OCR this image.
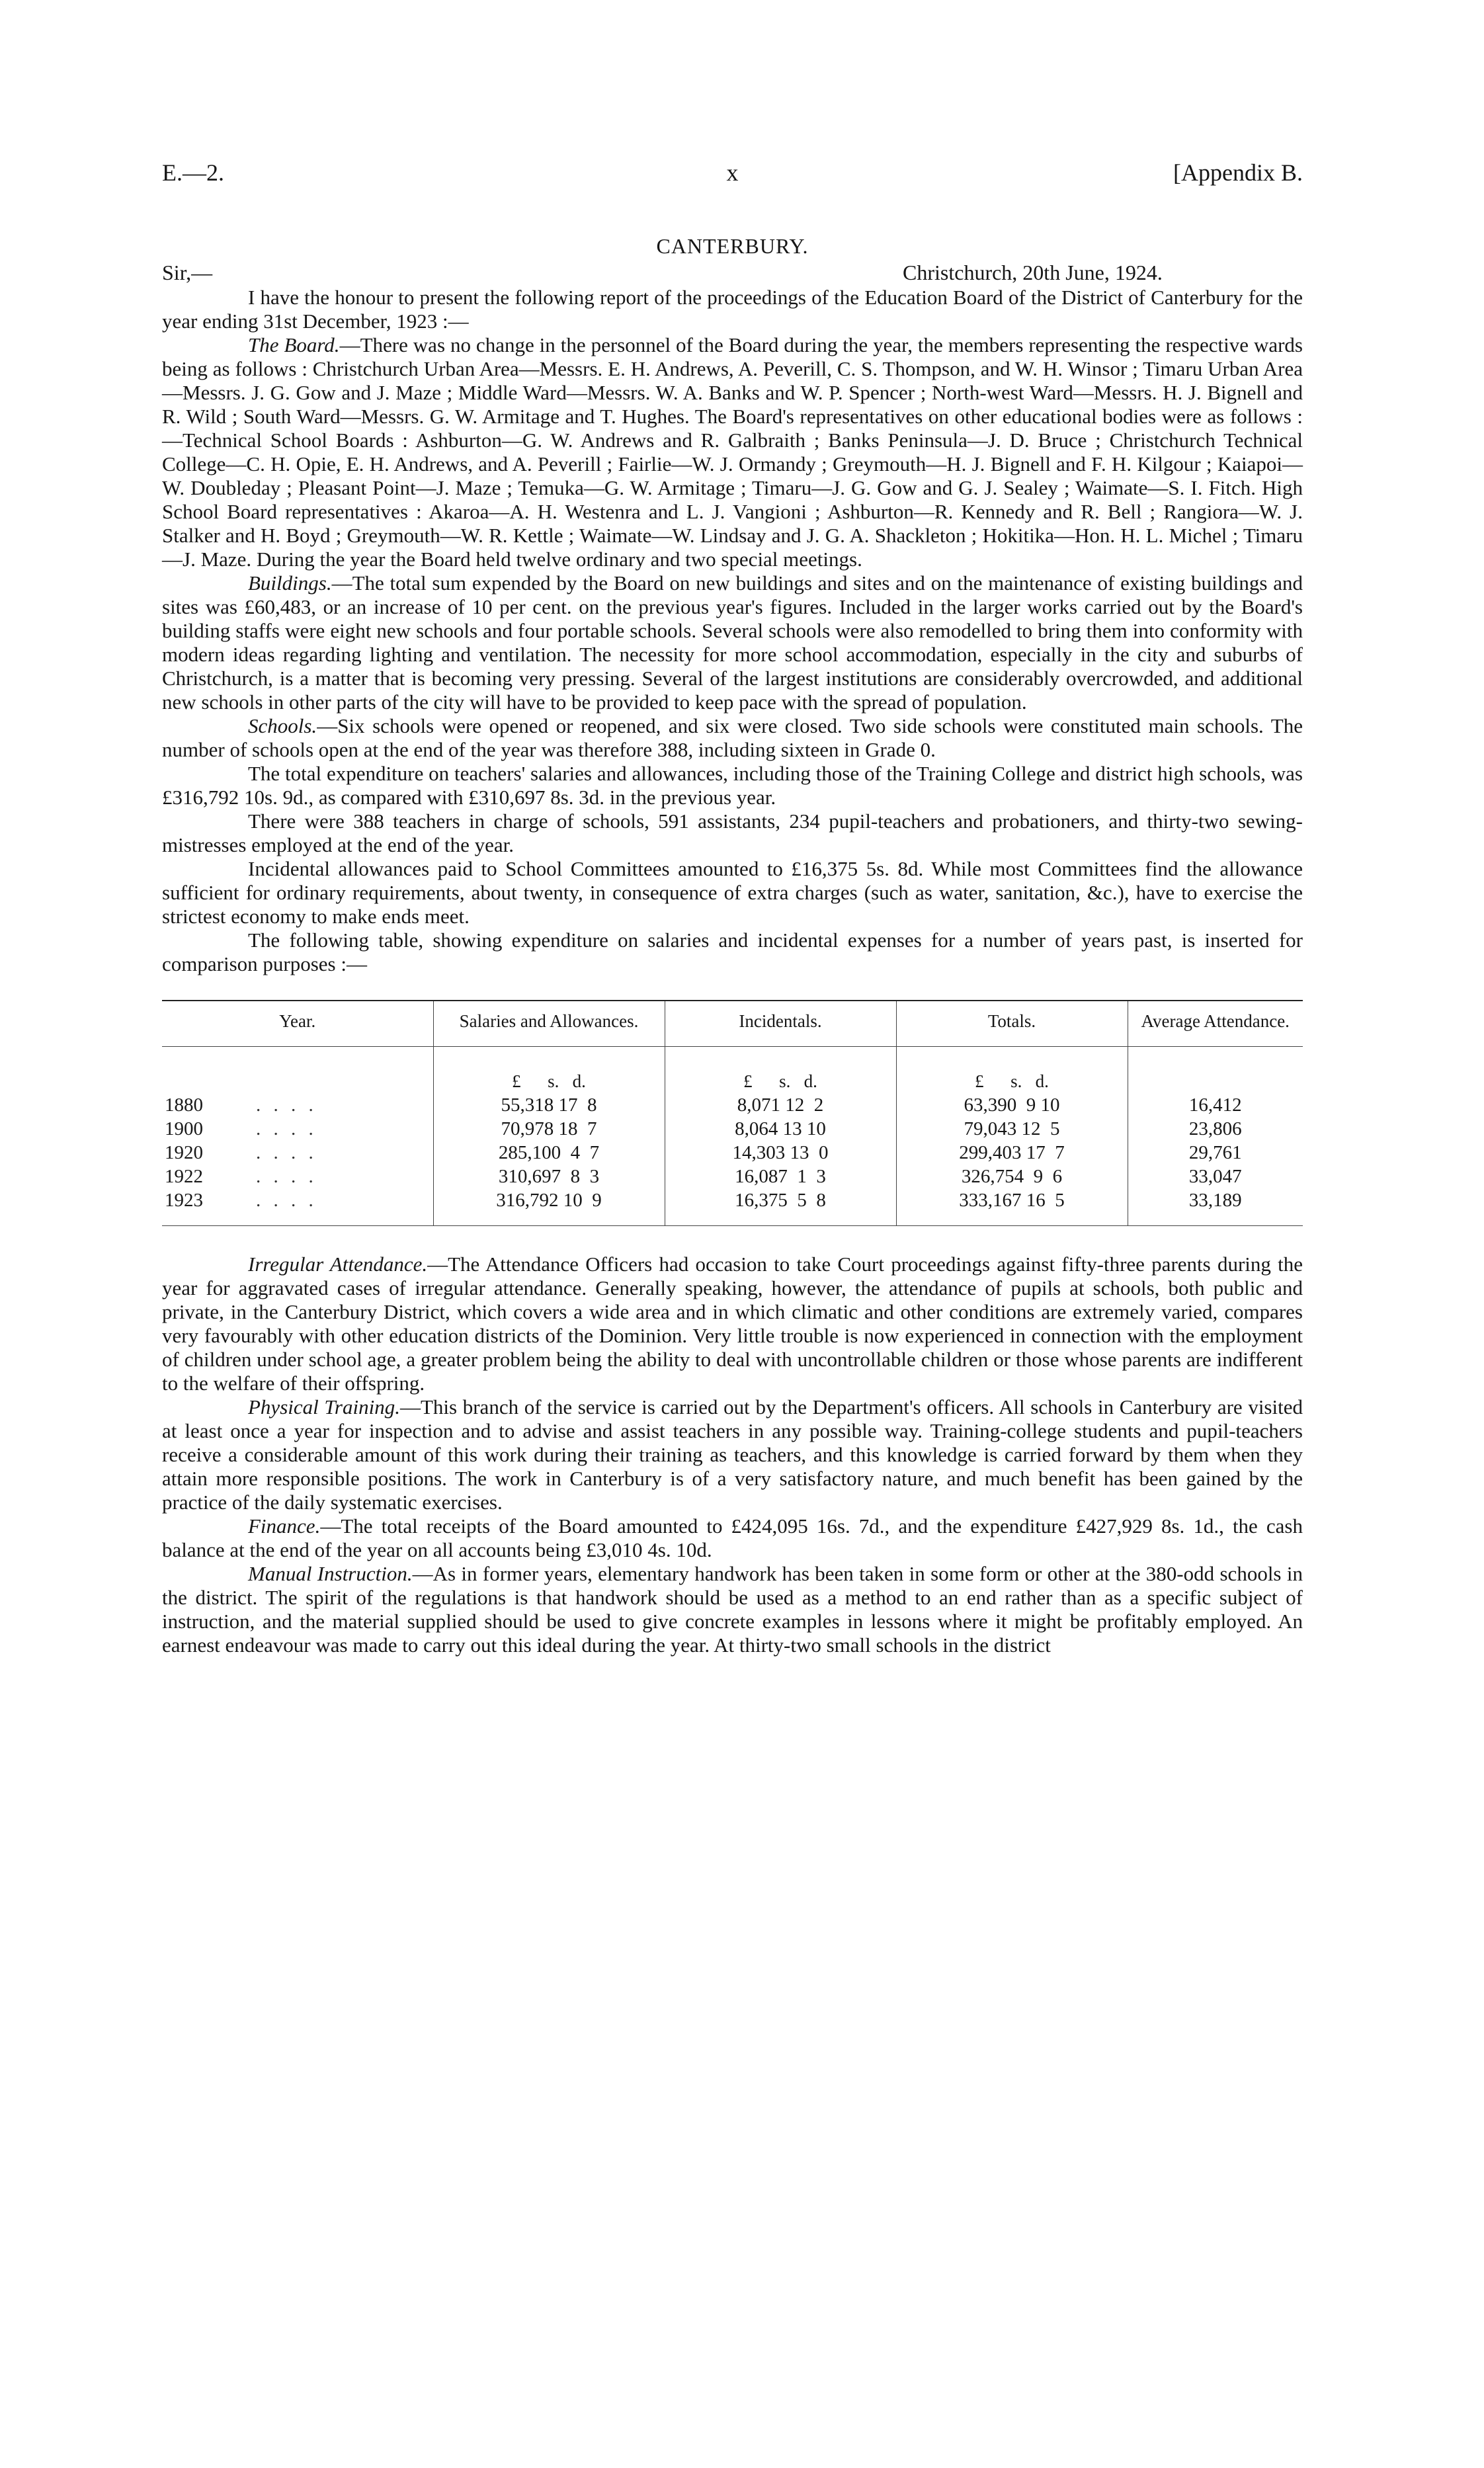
E.—2.	x	[Appendix B.
CANTERBURY.
Sir,—	Christchurch, 20th June, 1924.

I have the honour to present the following report of the proceedings of the Education Board of the District of Canterbury for the year ending 31st December, 1923 :—

The Board.—There was no change in the personnel of the Board during the year, the members representing the respective wards being as follows : Christchurch Urban Area—Messrs. E. H. Andrews, A. Peverill, C. S. Thompson, and W. H. Winsor ; Timaru Urban Area—Messrs. J. G. Gow and J. Maze ; Middle Ward—Messrs. W. A. Banks and W. P. Spencer ; North-west Ward—Messrs. H. J. Bignell and R. Wild ; South Ward—Messrs. G. W. Armitage and T. Hughes. The Board's representatives on other educational bodies were as follows :—Technical School Boards : Ashburton—G. W. Andrews and R. Galbraith ; Banks Peninsula—J. D. Bruce ; Christchurch Technical College—C. H. Opie, E. H. Andrews, and A. Peverill ; Fairlie—W. J. Ormandy ; Greymouth—H. J. Bignell and F. H. Kilgour ; Kaiapoi—W. Doubleday ; Pleasant Point—J. Maze ; Temuka—G. W. Armitage ; Timaru—J. G. Gow and G. J. Sealey ; Waimate—S. I. Fitch. High School Board representatives : Akaroa—A. H. Westenra and L. J. Vangioni ; Ashburton—R. Kennedy and R. Bell ; Rangiora—W. J. Stalker and H. Boyd ; Greymouth—W. R. Kettle ; Waimate—W. Lindsay and J. G. A. Shackleton ; Hokitika—Hon. H. L. Michel ; Timaru—J. Maze. During the year the Board held twelve ordinary and two special meetings.

Buildings.—The total sum expended by the Board on new buildings and sites and on the maintenance of existing buildings and sites was £60,483, or an increase of 10 per cent. on the previous year's figures. Included in the larger works carried out by the Board's building staffs were eight new schools and four portable schools. Several schools were also remodelled to bring them into conformity with modern ideas regarding lighting and ventilation. The necessity for more school accommodation, especially in the city and suburbs of Christchurch, is a matter that is becoming very pressing. Several of the largest institutions are considerably overcrowded, and additional new schools in other parts of the city will have to be provided to keep pace with the spread of population.

Schools.—Six schools were opened or reopened, and six were closed. Two side schools were constituted main schools. The number of schools open at the end of the year was therefore 388, including sixteen in Grade 0.

The total expenditure on teachers' salaries and allowances, including those of the Training College and district high schools, was £316,792 10s. 9d., as compared with £310,697 8s. 3d. in the previous year.

There were 388 teachers in charge of schools, 591 assistants, 234 pupil-teachers and probationers, and thirty-two sewing-mistresses employed at the end of the year.

Incidental allowances paid to School Committees amounted to £16,375 5s. 8d. While most Committees find the allowance sufficient for ordinary requirements, about twenty, in consequence of extra charges (such as water, sanitation, &c.), have to exercise the strictest economy to make ends meet.

The following table, showing expenditure on salaries and incidental expenses for a number of years past, is inserted for comparison purposes :—

Year.	Salaries and Allowances.	Incidentals.	Totals.	Average Attendance.
	£      s.   d.	£      s.   d.	£      s.   d.	
1880 . . . .	55,318 17  8	8,071 12  2	63,390  9 10	16,412
1900 . . . .	70,978 18  7	8,064 13 10	79,043 12  5	23,806
1920 . . . .	285,100  4  7	14,303 13  0	299,403 17  7	29,761
1922 . . . .	310,697  8  3	16,087  1  3	326,754  9  6	33,047
1923 . . . .	316,792 10  9	16,375  5  8	333,167 16  5	33,189

Irregular Attendance.—The Attendance Officers had occasion to take Court proceedings against fifty-three parents during the year for aggravated cases of irregular attendance. Generally speaking, however, the attendance of pupils at schools, both public and private, in the Canterbury District, which covers a wide area and in which climatic and other conditions are extremely varied, compares very favourably with other education districts of the Dominion. Very little trouble is now experienced in connection with the employment of children under school age, a greater problem being the ability to deal with uncontrollable children or those whose parents are indifferent to the welfare of their offspring.

Physical Training.—This branch of the service is carried out by the Department's officers. All schools in Canterbury are visited at least once a year for inspection and to advise and assist teachers in any possible way. Training-college students and pupil-teachers receive a considerable amount of this work during their training as teachers, and this knowledge is carried forward by them when they attain more responsible positions. The work in Canterbury is of a very satisfactory nature, and much benefit has been gained by the practice of the daily systematic exercises.

Finance.—The total receipts of the Board amounted to £424,095 16s. 7d., and the expenditure £427,929 8s. 1d., the cash balance at the end of the year on all accounts being £3,010 4s. 10d.

Manual Instruction.—As in former years, elementary handwork has been taken in some form or other at the 380-odd schools in the district. The spirit of the regulations is that handwork should be used as a method to an end rather than as a specific subject of instruction, and the material supplied should be used to give concrete examples in lessons where it might be profitably employed. An earnest endeavour was made to carry out this ideal during the year. At thirty-two small schools in the district
